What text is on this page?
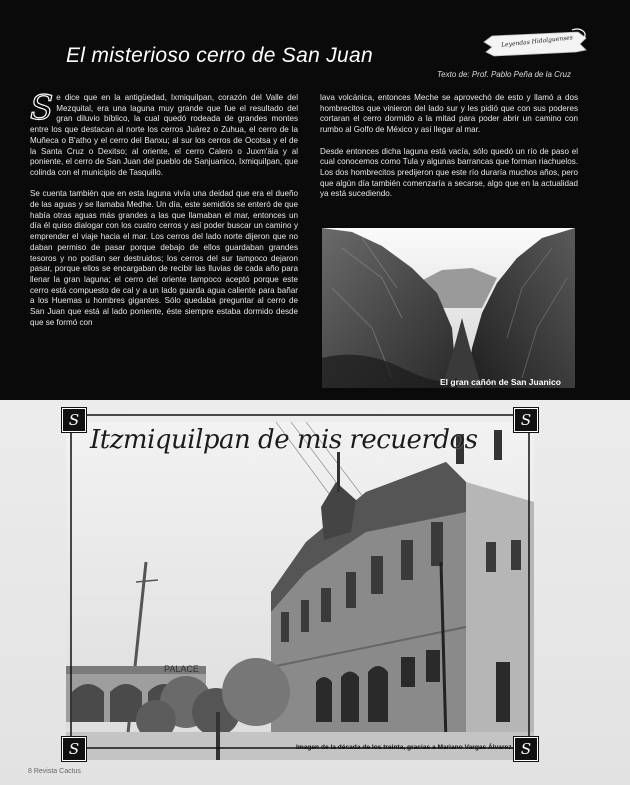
El misterioso cerro de San Juan
Leyendas Hidalguenses
Texto de: Prof. Pablo Peña de la Cruz

Se dice que en la antigüedad, Ixmiquilpan, corazón del Valle del Mezquital, era una laguna muy grande que fue el resultado del gran diluvio bíblico, la cual quedó rodeada de grandes montes entre los que destacan al norte los cerros Juárez o Zuhua, el cerro de la Muñeca o B'atho y el cerro del Banxu; al sur los cerros de Ocotsa y el de la Santa Cruz o Dexitso; al oriente, el cerro Calero o Juxm'äia y al poniente, el cerro de San Juan del pueblo de Sanjuanico, Ixmiquilpan, que colinda con el municipio de Tasquillo.

Se cuenta también que en esta laguna vivía una deidad que era el dueño de las aguas y se llamaba Medhe. Un día, este semidiós se enteró de que había otras aguas más grandes a las que llamaban el mar, entonces un día él quiso dialogar con los cuatro cerros y así poder buscar un camino y emprender el viaje hacia el mar. Los cerros del lado norte dijeron que no daban permiso de pasar porque debajo de ellos guardaban grandes tesoros y no podían ser destruidos; los cerros del sur tampoco dejaron pasar, porque ellos se encargaban de recibir las lluvias de cada año para llenar la gran laguna; el cerro del oriente tampoco aceptó porque este cerro está compuesto de cal y a un lado guarda agua caliente para bañar a los Huemas u hombres gigantes. Sólo quedaba preguntar al cerro de San Juan que está al lado poniente, éste siempre estaba dormido desde que se formó con

lava volcánica, entonces Meche se aprovechó de esto y llamó a dos hombrecitos que vinieron del lado sur y les pidió que con sus poderes cortaran el cerro dormido a la mitad para poder abrir un camino con rumbo al Golfo de México y así llegar al mar.

Desde entonces dicha laguna está vacía, sólo quedó un río de paso el cual conocemos como Tula y algunas barrancas que forman riachuelos. Los dos hombrecitos predijeron que este río duraría muchos años, pero que algún día también comenzaría a secarse, algo que en la actualidad ya está sucediendo.

El gran cañón de San Juanico
PALACE
S	S
S	S
Itzmiquilpan de mis recuerdos
Imagen de la década de los treinta, gracias a Mariano Vargas Álvarez.
8 Revista Cactus
